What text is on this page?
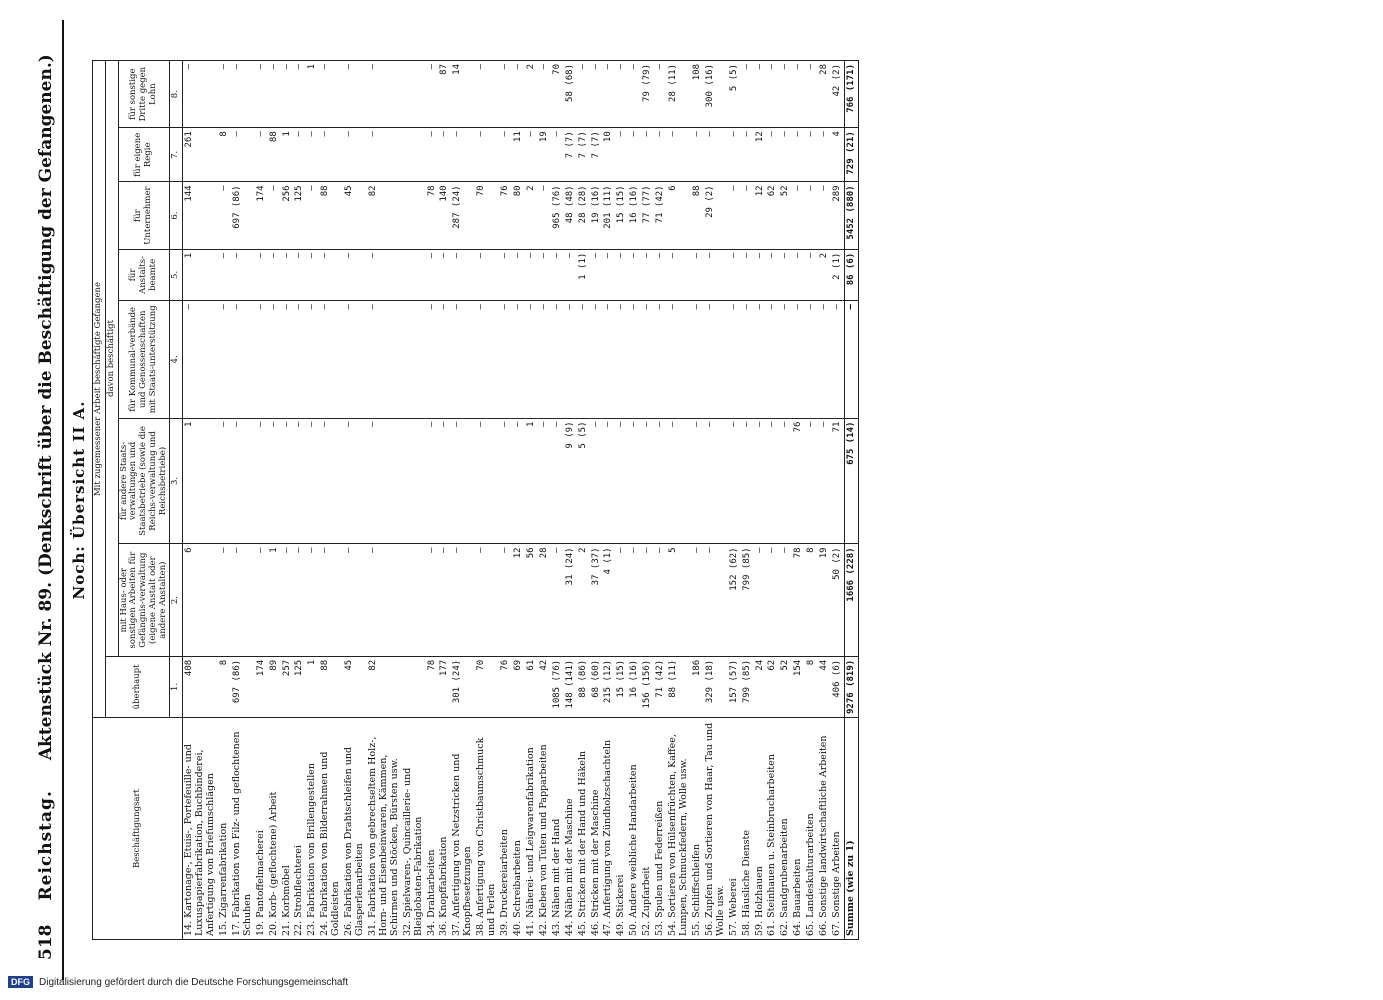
518
Reichstag.
Aktenstück Nr. 89. (Denkschrift über die Beschäftigung der Gefangenen.) Noch: Übersicht II A.
Beschäftigungsart	Mit zugemessener Arbeit beschäftigte Gefangene							
	überhaupt	davon beschäftigt						
		mit Haus- oder sonstigen Arbeiten für Gefängnis-verwaltung (eigene Anstalt oder andere Anstalten)	für andere Staats-verwaltungen und Staatsbetriebe (sowie die Reichs-verwaltung und Reichsbetriebe)	für Kommunal-verbände und Genossenschaften mit Staats-unterstützung	für Anstalts-beamte	für Unternehmer	für eigene Regie	für sonstige Dritte gegen Lohn
	1.	2.	3.	4.	5.	6.	7.	8.
14. Kartonage-, Etuis-, Portefeuille- und Luxuspapierfabrikation, Buchbinderei, Anfertigung von Briefumschlägen	408	6	1	—	1	144	261	—
15. Zigarrenfabrikation	8	—	—	—	—	—	8	—
17. Fabrikation von Filz- und geflochtenen Schuhen	697 (86)	—	—	—	—	697 (86)	—	—
19. Pantoffelmacherei	174	—	—	—	—	174	—	—
20. Korb- (geflochtene) Arbeit	89	1	—	—	—	—	88	—
21. Korbmöbel	257	—	—	—	—	256	1	—
22. Strohflechterei	125	—	—	—	—	125	—	—
23. Fabrikation von Brillengestellen	1	—	—	—	—	—	—	1
24. Fabrikation von Bilderrahmen und Goldleisten	88	—	—	—	—	88	—	—
26. Fabrikation von Drahtschleifen und Glasperlenarbeiten	45	—	—	—	—	45	—	—
31. Fabrikation von gebrechseltem Holz-, Horn- und Eisenbeinwaren, Kämmen, Schirmen und Stöcken, Bürsten usw.	82	—	—	—	—	82	—	—
32. Spielwaren-, Quincaillerie- und Bleiglobaten-Fabrikation								
34. Drahtarbeiten	78	—	—	—	—	78	—	—
36. Knopffabrikation	177	—	—	—	—	140	—	87
37. Anfertigung von Netzstricken und Knopfbesetzungen	301 (24)	—	—	—	—	287 (24)	—	14
38. Anfertigung von Christbaumschmuck und Perlen	70	—	—	—	—	70	—	—
39. Druckereiarbeiten	76	—	—	—	—	76	—	—
40. Schreibarbeiten	69	12	—	—	—	80	11	—
41. Näherei- und Leigwarenfabrikation	61	56	1	—	—	2	—	2
42. Kleben von Tüten und Papparbeiten	42	28	—	—	—	—	19	—
43. Nähen mit der Hand	1085 (76)	—	—	—	—	965 (76)	—	70
44. Nähen mit der Maschine	148 (141)	31 (24)	9 (9)	—	—	48 (48)	7 (7)	58 (68)
45. Stricken mit der Hand und Häkeln	88 (86)	2	5 (5)	—	1 (1)	28 (28)	7 (7)	—
46. Stricken mit der Maschine	68 (60)	37 (37)	—	—	—	19 (16)	7 (7)	—
47. Anfertigung von Zündholzschachteln	215 (12)	4 (1)	—	—	—	201 (11)	10	—
49. Stickerei	15 (15)	—	—	—	—	15 (15)	—	—
50. Andere weibliche Handarbeiten	16 (16)	—	—	—	—	16 (16)	—	—
52. Zupfarbeit	156 (156)	—	—	—	—	77 (77)	—	79 (79)
53. Spulen und Federreißen	71 (42)	—	—	—	—	71 (42)	—	—
54. Sortieren von Hülsenfrüchten, Kaffee, Lumpen, Schmuckfedern, Wolle usw.	88 (11)	5	—	—	—	6	—	28 (11)
55. Schliffschleifen	186	—	—	—	—	88	—	108
56. Zupfen und Sortieren von Haar, Tau und Wolle usw.	329 (18)	—	—	—	—	29 (2)	—	300 (16)
57. Weberei	157 (57)	152 (62)	—	—	—	—	—	5 (5)
58. Häusliche Dienste	799 (85)	799 (85)	—	—	—	—	—	—
59. Holzhauen	24	—	—	—	—	12	12	—
61. Steinhauen u. Steinbrucharbeiten	62	—	—	—	—	62	—	—
62. Sandgrubenarbeiten	52	—	—	—	—	52	—	—
64. Bauarbeiten	154	78	76	—	—	—	—	—
65. Landeskulturarbeiten	8	8	—	—	—	—	—	—
66. Sonstige landwirtschaftliche Arbeiten	44	19	—	—	2	—	—	28
67. Sonstige Arbeiten	406 (6)	50 (2)	71	—	2 (1)	289	4	42 (2)
Summe (wie zu 1)	9276 (819)	1666 (228)	675 (14)	—	86 (6)	5452 (880)	729 (21)	766 (171)
DFG Digitalisierung gefördert durch die Deutsche Forschungsgemeinschaft
